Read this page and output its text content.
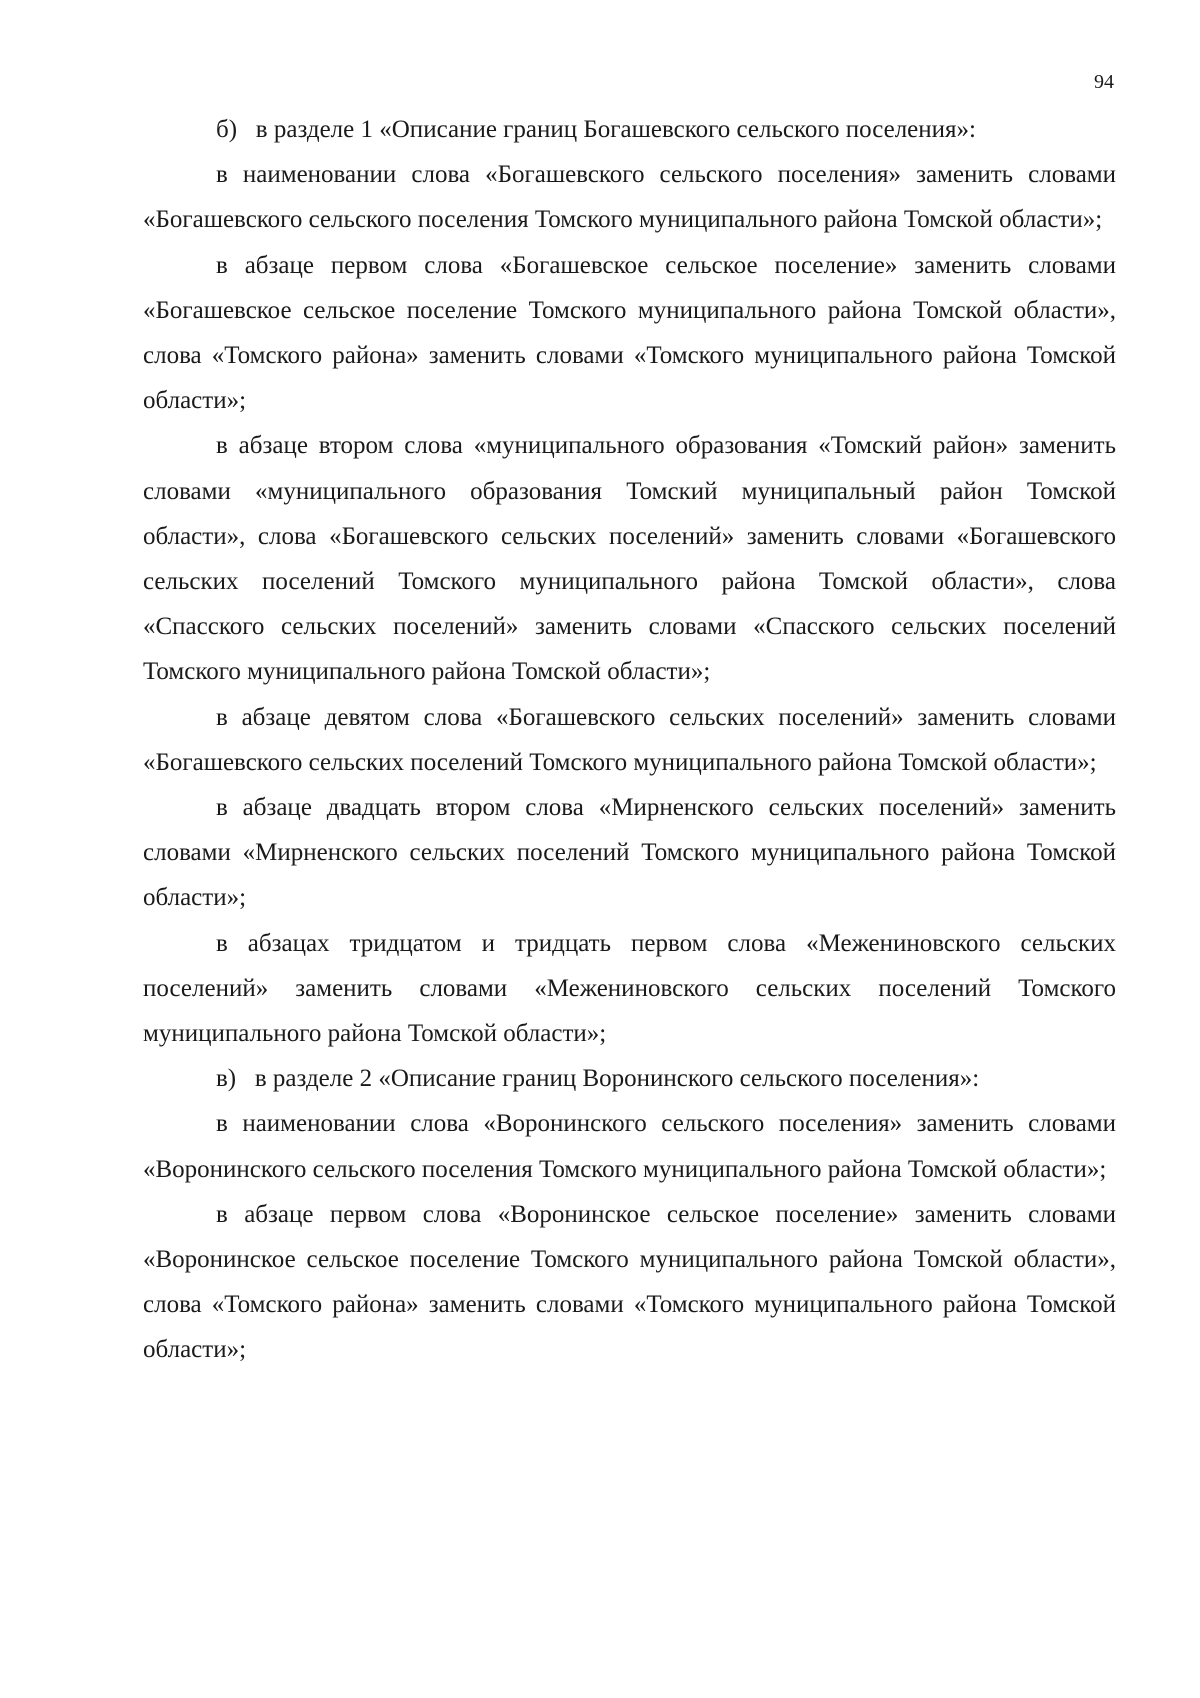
94

б)   в разделе 1 «Описание границ Богашевского сельского поселения»:

в наименовании слова «Богашевского сельского поселения» заменить словами «Богашевского сельского поселения Томского муниципального района Томской области»;

в абзаце первом слова «Богашевское сельское поселение» заменить словами «Богашевское сельское поселение Томского муниципального района Томской области», слова «Томского района» заменить словами «Томского муниципального района Томской области»;

в абзаце втором слова «муниципального образования «Томский район» заменить словами «муниципального образования Томский муниципальный район Томской области», слова «Богашевского сельских поселений» заменить словами «Богашевского сельских поселений Томского муниципального района Томской области», слова «Спасского сельских поселений» заменить словами «Спасского сельских поселений Томского муниципального района Томской области»;

в абзаце девятом слова «Богашевского сельских поселений» заменить словами «Богашевского сельских поселений Томского муниципального района Томской области»;

в абзаце двадцать втором слова «Мирненского сельских поселений» заменить словами «Мирненского сельских поселений Томского муниципального района Томской области»;

в абзацах тридцатом и тридцать первом слова «Межениновского сельских поселений» заменить словами «Межениновского сельских поселений Томского муниципального района Томской области»;

в)   в разделе 2 «Описание границ Воронинского сельского поселения»:

в наименовании слова «Воронинского сельского поселения» заменить словами «Воронинского сельского поселения Томского муниципального района Томской области»;

в абзаце первом слова «Воронинское сельское поселение» заменить словами «Воронинское сельское поселение Томского муниципального района Томской области», слова «Томского района» заменить словами «Томского муниципального района Томской области»;
